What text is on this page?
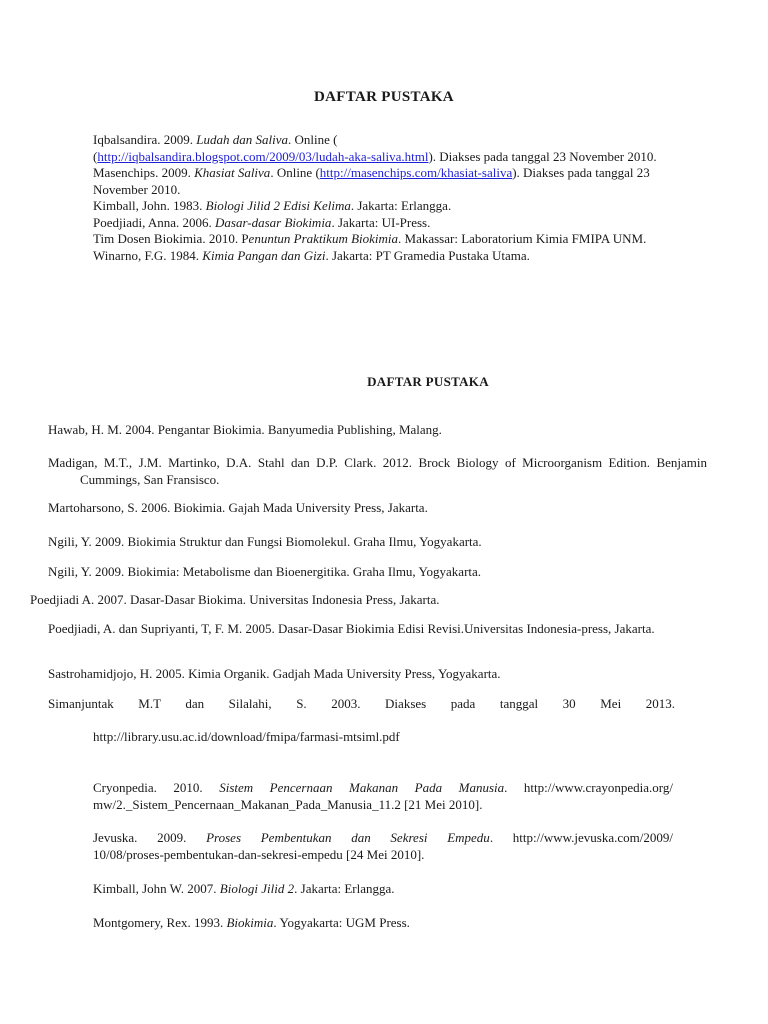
DAFTAR PUSTAKA

Iqbalsandira. 2009. Ludah dan Saliva. Online (
(http://iqbalsandira.blogspot.com/2009/03/ludah-aka-saliva.html). Diakses pada tanggal 23 November 2010.

Masenchips. 2009. Khasiat Saliva. Online (http://masenchips.com/khasiat-saliva). Diakses pada tanggal 23 November 2010.

Kimball, John. 1983. Biologi Jilid 2 Edisi Kelima. Jakarta: Erlangga.

Poedjiadi, Anna. 2006. Dasar-dasar Biokimia. Jakarta: UI-Press.

Tim Dosen Biokimia. 2010. Penuntun Praktikum Biokimia. Makassar: Laboratorium Kimia FMIPA UNM.

Winarno, F.G. 1984. Kimia Pangan dan Gizi. Jakarta: PT Gramedia Pustaka Utama.

DAFTAR PUSTAKA
Hawab, H. M. 2004. Pengantar Biokimia. Banyumedia Publishing, Malang.
Madigan, M.T., J.M. Martinko, D.A. Stahl dan D.P. Clark. 2012. Brock Biology of Microorganism Edition. Benjamin Cummings, San Fransisco.
Martoharsono, S. 2006. Biokimia. Gajah Mada University Press, Jakarta.
Ngili, Y. 2009. Biokimia Struktur dan Fungsi Biomolekul. Graha Ilmu, Yogyakarta.
Ngili, Y. 2009. Biokimia: Metabolisme dan Bioenergitika. Graha Ilmu, Yogyakarta.
Poedjiadi A. 2007. Dasar-Dasar Biokima. Universitas Indonesia Press, Jakarta.
Poedjiadi, A. dan Supriyanti, T, F. M. 2005. Dasar-Dasar Biokimia Edisi Revisi.Universitas Indonesia-press, Jakarta.
Sastrohamidjojo, H. 2005. Kimia Organik. Gadjah Mada University Press, Yogyakarta.
Simanjuntak M.T dan Silalahi, S. 2003. Diakses pada tanggal 30 Mei 2013.
http://library.usu.ac.id/download/fmipa/farmasi-mtsiml.pdf
Cryonpedia. 2010. Sistem Pencernaan Makanan Pada Manusia. http://www.crayonpedia.org/
mw/2._Sistem_Pencernaan_Makanan_Pada_Manusia_11.2 [21 Mei 2010].
Jevuska. 2009. Proses Pembentukan dan Sekresi Empedu. http://www.jevuska.com/2009/
10/08/proses-pembentukan-dan-sekresi-empedu [24 Mei 2010].
Kimball, John W. 2007. Biologi Jilid 2. Jakarta: Erlangga.
Montgomery, Rex. 1993. Biokimia. Yogyakarta: UGM Press.
